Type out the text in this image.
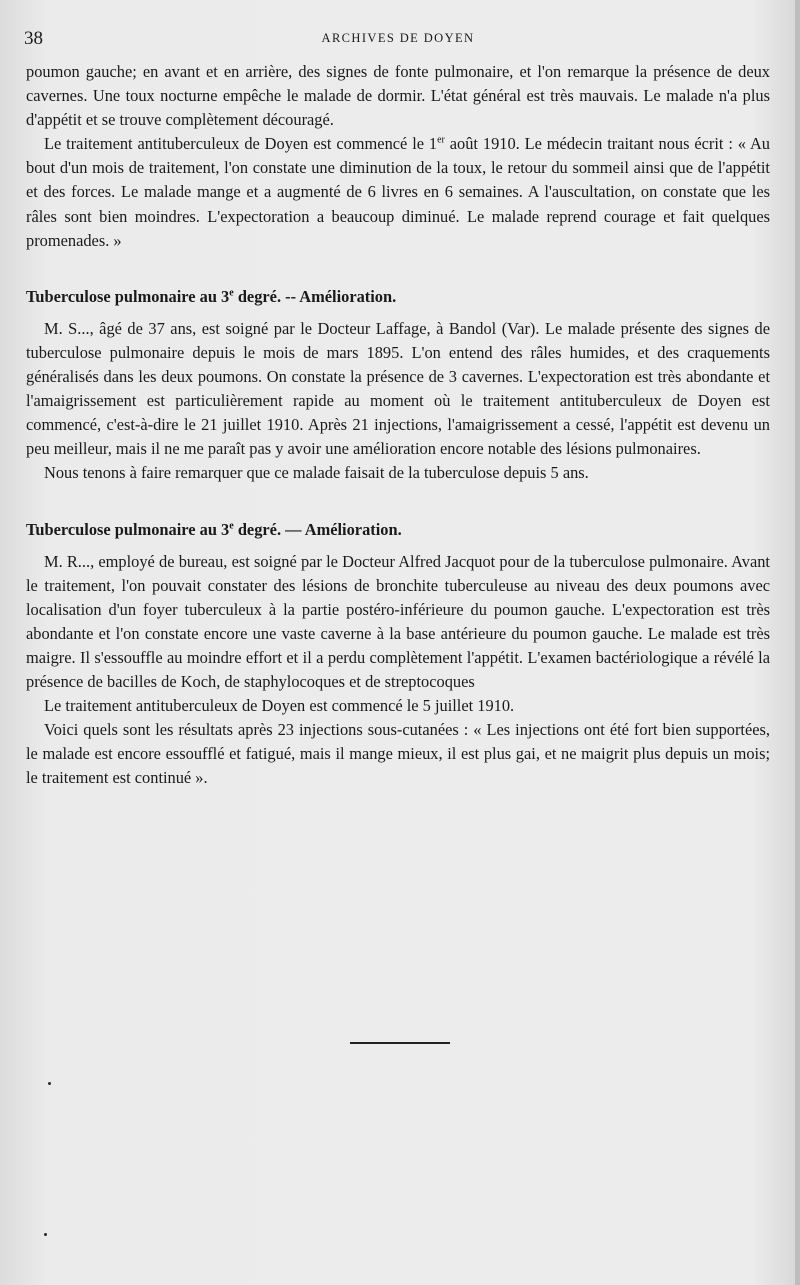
38	ARCHIVES DE DOYEN

poumon gauche; en avant et en arrière, des signes de fonte pulmonaire, et l'on remarque la présence de deux cavernes. Une toux nocturne empêche le malade de dormir. L'état général est très mauvais. Le malade n'a plus d'appétit et se trouve complètement découragé.

Le traitement antituberculeux de Doyen est commencé le 1er août 1910. Le médecin traitant nous écrit : « Au bout d'un mois de traitement, l'on constate une diminution de la toux, le retour du sommeil ainsi que de l'appétit et des forces. Le malade mange et a augmenté de 6 livres en 6 semaines. A l'auscultation, on constate que les râles sont bien moindres. L'expectoration a beaucoup diminué. Le malade reprend courage et fait quelques promenades. »

Tuberculose pulmonaire au 3e degré. -- Amélioration.

M. S..., âgé de 37 ans, est soigné par le Docteur Laffage, à Bandol (Var). Le malade présente des signes de tuberculose pulmonaire depuis le mois de mars 1895. L'on entend des râles humides, et des craquements généralisés dans les deux poumons. On constate la présence de 3 cavernes. L'expectoration est très abondante et l'amaigrissement est particulièrement rapide au moment où le traitement antituberculeux de Doyen est commencé, c'est-à-dire le 21 juillet 1910. Après 21 injections, l'amaigrissement a cessé, l'appétit est devenu un peu meilleur, mais il ne me paraît pas y avoir une amélioration encore notable des lésions pulmonaires.

Nous tenons à faire remarquer que ce malade faisait de la tuberculose depuis 5 ans.

Tuberculose pulmonaire au 3e degré. — Amélioration.

M. R..., employé de bureau, est soigné par le Docteur Alfred Jacquot pour de la tuberculose pulmonaire. Avant le traitement, l'on pouvait constater des lésions de bronchite tuberculeuse au niveau des deux poumons avec localisation d'un foyer tuberculeux à la partie postéro-inférieure du poumon gauche. L'expectoration est très abondante et l'on constate encore une vaste caverne à la base antérieure du poumon gauche. Le malade est très maigre. Il s'essouffle au moindre effort et il a perdu complètement l'appétit. L'examen bactériologique a révélé la présence de bacilles de Koch, de staphylocoques et de streptocoques

Le traitement antituberculeux de Doyen est commencé le 5 juillet 1910.

Voici quels sont les résultats après 23 injections sous-cutanées : « Les injections ont été fort bien supportées, le malade est encore essoufflé et fatigué, mais il mange mieux, il est plus gai, et ne maigrit plus depuis un mois; le traitement est continué ».
